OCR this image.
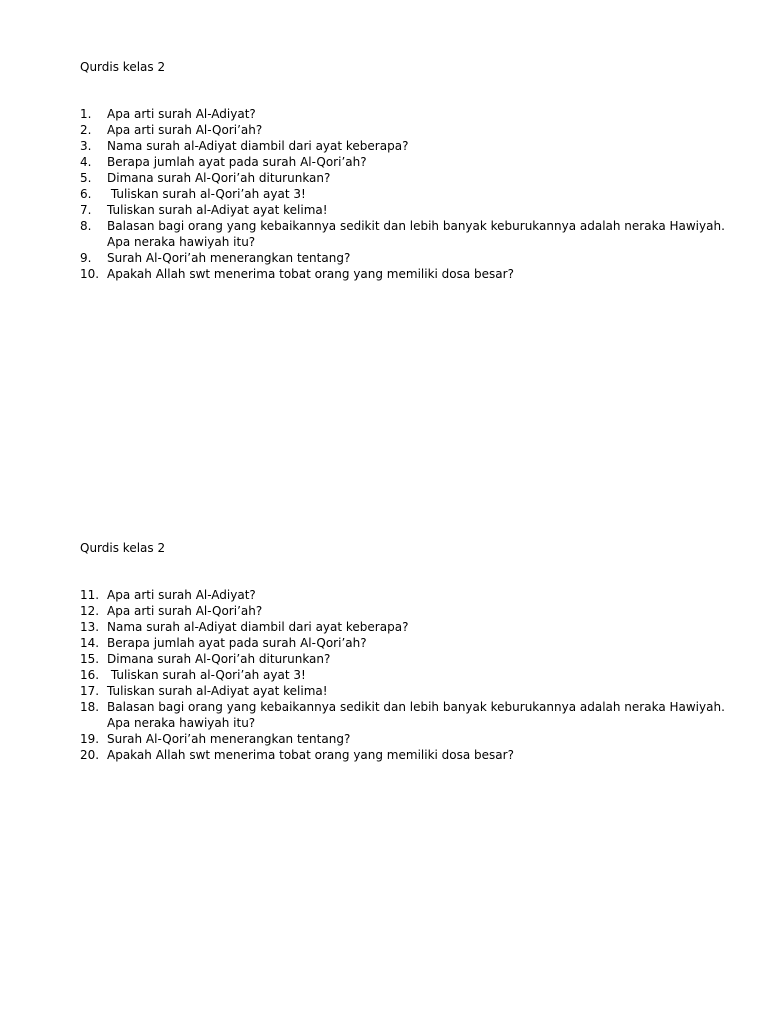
Qurdis kelas 2
1.	Apa arti surah Al-Adiyat?
2.	Apa arti surah Al-Qori’ah?
3.	Nama surah al-Adiyat diambil dari ayat keberapa?
4.	Berapa jumlah ayat pada surah Al-Qori’ah?
5.	Dimana surah Al-Qori’ah diturunkan?
6.	Tuliskan surah al-Qori’ah ayat 3!
7.	Tuliskan surah al-Adiyat ayat kelima!
8.	Balasan bagi orang yang kebaikannya sedikit dan lebih banyak keburukannya adalah neraka Hawiyah. Apa neraka hawiyah itu?
9.	Surah Al-Qori’ah menerangkan tentang?
10. Apakah Allah swt menerima tobat orang yang memiliki dosa besar?
Qurdis kelas 2
11. Apa arti surah Al-Adiyat?
12. Apa arti surah Al-Qori’ah?
13. Nama surah al-Adiyat diambil dari ayat keberapa?
14. Berapa jumlah ayat pada surah Al-Qori’ah?
15. Dimana surah Al-Qori’ah diturunkan?
16. Tuliskan surah al-Qori’ah ayat 3!
17. Tuliskan surah al-Adiyat ayat kelima!
18. Balasan bagi orang yang kebaikannya sedikit dan lebih banyak keburukannya adalah neraka Hawiyah. Apa neraka hawiyah itu?
19. Surah Al-Qori’ah menerangkan tentang?
20. Apakah Allah swt menerima tobat orang yang memiliki dosa besar?
